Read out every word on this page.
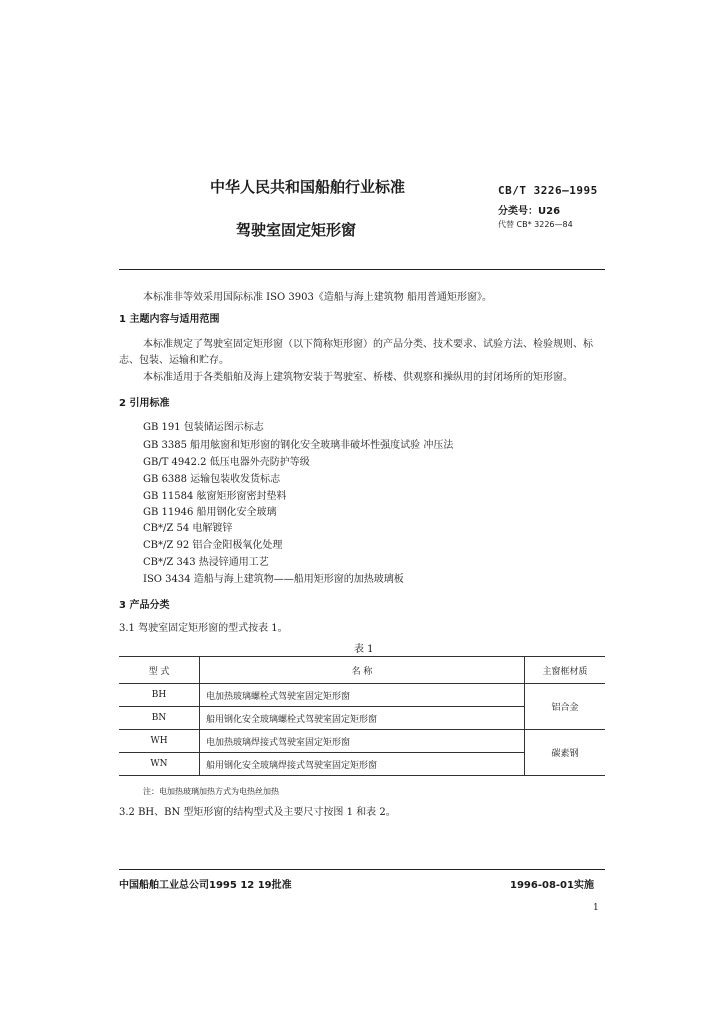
中华人民共和国船舶行业标准
驾驶室固定矩形窗
CB/T 3226—1995
分类号：U26
代替 CB* 3226—84
本标准非等效采用国际标准 ISO 3903《造船与海上建筑物 船用普通矩形窗》。
1 主题内容与适用范围
本标准规定了驾驶室固定矩形窗（以下简称矩形窗）的产品分类、技术要求、试验方法、检验规则、标
志、包装、运输和贮存。
本标准适用于各类船舶及海上建筑物安装于驾驶室、桥楼、供观察和操纵用的封闭场所的矩形窗。
2 引用标准
GB 191 包装储运图示标志
GB 3385 船用舷窗和矩形窗的钢化安全玻璃非破坏性强度试验 冲压法
GB/T 4942.2 低压电器外壳防护等级
GB 6388 运输包装收发货标志
GB 11584 舷窗矩形窗密封垫料
GB 11946 船用钢化安全玻璃
CB*/Z 54 电解镀锌
CB*/Z 92 铝合金阳极氧化处理
CB*/Z 343 热浸锌通用工艺
ISO 3434 造船与海上建筑物——船用矩形窗的加热玻璃板
3 产品分类
3.1 驾驶室固定矩形窗的型式按表 1。
表 1
型 式	名 称	主窗框材质
BH	电加热玻璃螺栓式驾驶室固定矩形窗	铝合金
BN	船用钢化安全玻璃螺栓式驾驶室固定矩形窗	
WH	电加热玻璃焊接式驾驶室固定矩形窗	碳素钢
WN	船用钢化安全玻璃焊接式驾驶室固定矩形窗	
注：电加热玻璃加热方式为电热丝加热
3.2 BH、BN 型矩形窗的结构型式及主要尺寸按图 1 和表 2。
中国船舶工业总公司1995 12 19批准	1996-08-01实施
1
